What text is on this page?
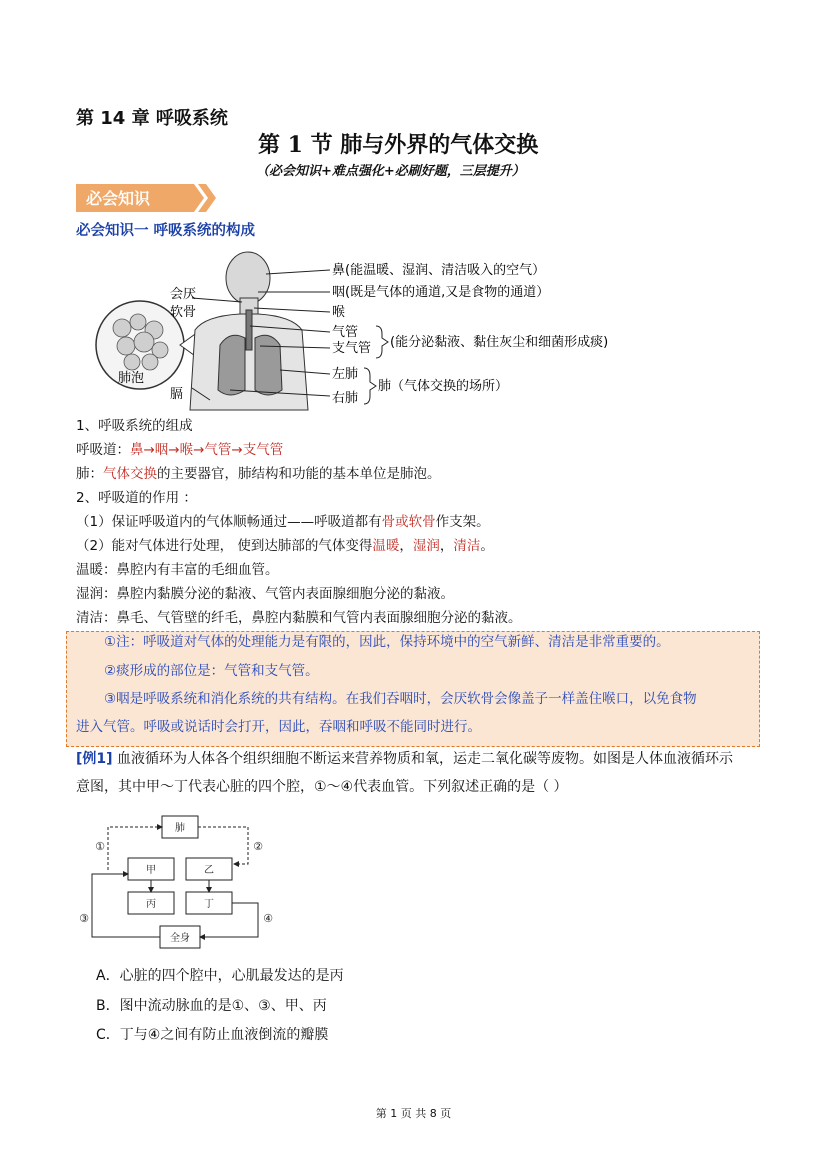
第 14 章 呼吸系统
第 1 节 肺与外界的气体交换
（必会知识+难点强化+必刷好题，三层提升）
必会知识
必会知识一 呼吸系统的构成
肺泡
会厌
软骨
膈
鼻(能温暖、湿润、清洁吸入的空气）
咽(既是气体的通道,又是食物的通道）
喉
气管
支气管 (能分泌黏液、黏住灰尘和细菌形成痰)
左肺
右肺
肺（气体交换的场所）
1、呼吸系统的组成
呼吸道：鼻→咽→喉→气管→支气管
肺：气体交换的主要器官，肺结构和功能的基本单位是肺泡。
2、呼吸道的作用 ：
（1）保证呼吸道内的气体顺畅通过——呼吸道都有骨或软骨作支架。
（2）能对气体进行处理， 使到达肺部的气体变得温暖，湿润，清洁。
温暖：鼻腔内有丰富的毛细血管。
湿润：鼻腔内黏膜分泌的黏液、气管内表面腺细胞分泌的黏液。
清洁：鼻毛、气管壁的纤毛，鼻腔内黏膜和气管内表面腺细胞分泌的黏液。
①注：呼吸道对气体的处理能力是有限的，因此，保持环境中的空气新鲜、清洁是非常重要的。
②痰形成的部位是：气管和支气管。
③咽是呼吸系统和消化系统的共有结构。在我们吞咽时，会厌软骨会像盖子一样盖住喉口，以免食物
进入气管。呼吸或说话时会打开，因此，吞咽和呼吸不能同时进行。
[例1] 血液循环为人体各个组织细胞不断运来营养物质和氧，运走二氧化碳等废物。如图是人体血液循环示
意图，其中甲～丁代表心脏的四个腔，①～④代表血管。下列叙述正确的是（ ）
肺
甲	乙
丙	丁
全身
①	②
③	④
A．心脏的四个腔中，心肌最发达的是丙
B．图中流动脉血的是①、③、甲、丙
C．丁与④之间有防止血液倒流的瓣膜
第 1 页 共 8 页
